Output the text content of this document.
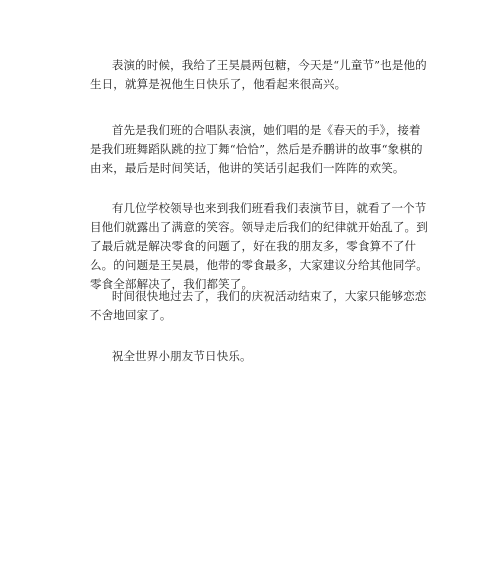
表演的时候，我给了王昊晨两包糖，今天是“儿童节”也是他的生日，就算是祝他生日快乐了，他看起来很高兴。

首先是我们班的合唱队表演，她们唱的是《春天的手》，接着是我们班舞蹈队跳的拉丁舞“恰恰”，然后是乔鹏讲的故事“象棋的由来，最后是时间笑话，他讲的笑话引起我们一阵阵的欢笑。

有几位学校领导也来到我们班看我们表演节目，就看了一个节目他们就露出了满意的笑容。领导走后我们的纪律就开始乱了。到了最后就是解决零食的问题了，好在我的朋友多，零食算不了什么。的问题是王昊晨，他带的零食最多，大家建议分给其他同学。零食全部解决了，我们都笑了。

时间很快地过去了，我们的庆祝活动结束了，大家只能够恋恋不舍地回家了。

祝全世界小朋友节日快乐。
